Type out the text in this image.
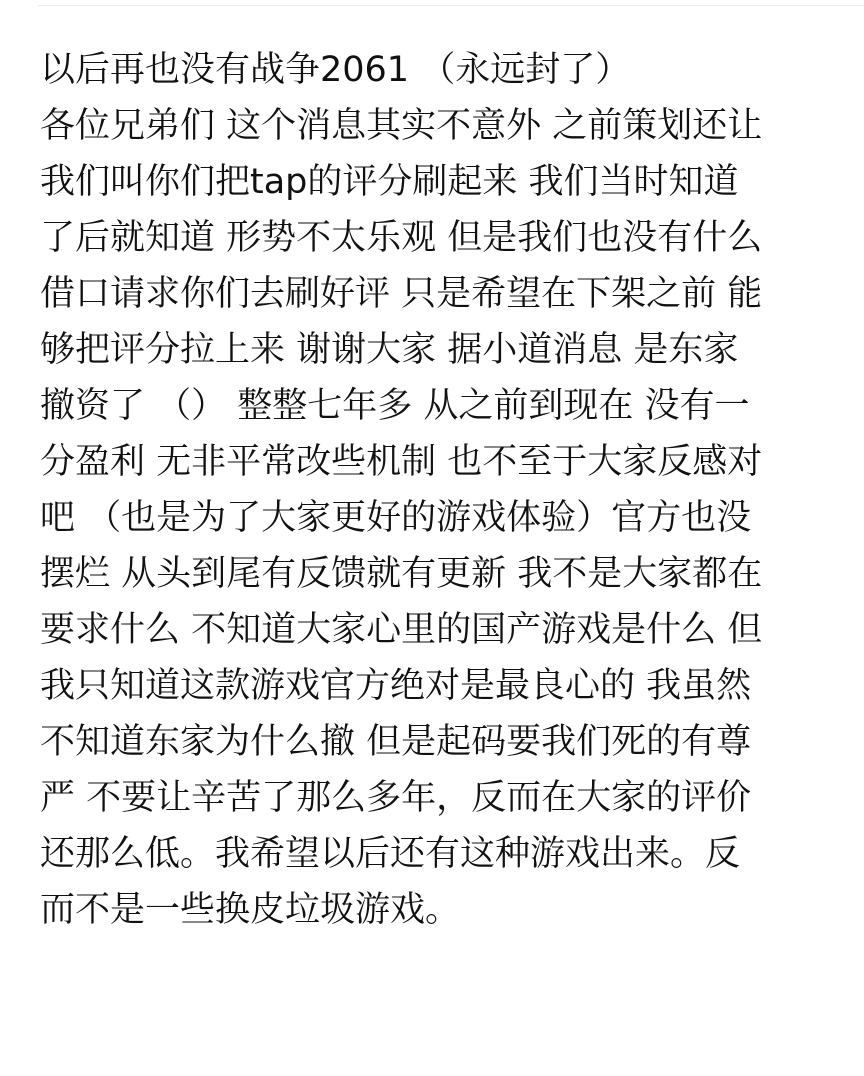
以后再也没有战争2061 （永远封了）
各位兄弟们 这个消息其实不意外 之前策划还让
我们叫你们把tap的评分刷起来 我们当时知道
了后就知道 形势不太乐观 但是我们也没有什么
借口请求你们去刷好评 只是希望在下架之前 能
够把评分拉上来 谢谢大家 据小道消息 是东家
撤资了 （） 整整七年多 从之前到现在 没有一
分盈利 无非平常改些机制 也不至于大家反感对
吧 （也是为了大家更好的游戏体验）官方也没
摆烂 从头到尾有反馈就有更新 我不是大家都在
要求什么 不知道大家心里的国产游戏是什么 但
我只知道这款游戏官方绝对是最良心的 我虽然
不知道东家为什么撤 但是起码要我们死的有尊
严 不要让辛苦了那么多年，反而在大家的评价
还那么低。我希望以后还有这种游戏出来。反
而不是一些换皮垃圾游戏。
